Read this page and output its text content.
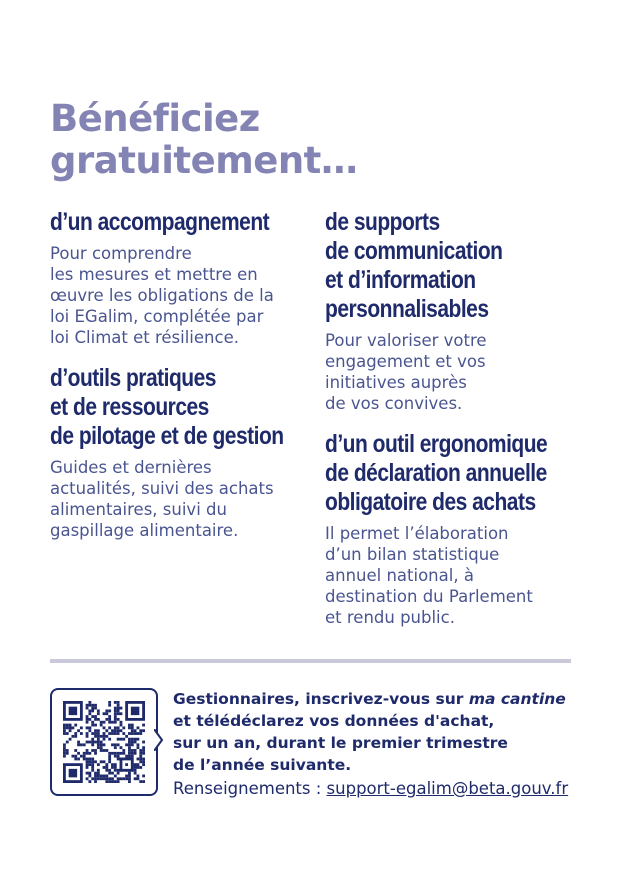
Bénéficiez
gratuitement…
d’un accompagnement

Pour comprendre
les mesures et mettre en
œuvre les obligations de la
loi EGalim, complétée par
loi Climat et résilience.

d’outils pratiques
et de ressources
de pilotage et de gestion

Guides et dernières
actualités, suivi des achats
alimentaires, suivi du
gaspillage alimentaire.

de supports
de communication
et d’information
personnalisables

Pour valoriser votre
engagement et vos
initiatives auprès
de vos convives.

d’un outil ergonomique
de déclaration annuelle
obligatoire des achats

Il permet l’élaboration
d’un bilan statistique
annuel national, à
destination du Parlement
et rendu public.

Gestionnaires, inscrivez-vous sur ma cantine
et télédéclarez vos données d'achat,
sur un an, durant le premier trimestre
de l’année suivante.
Renseignements : support-egalim@beta.gouv.fr
